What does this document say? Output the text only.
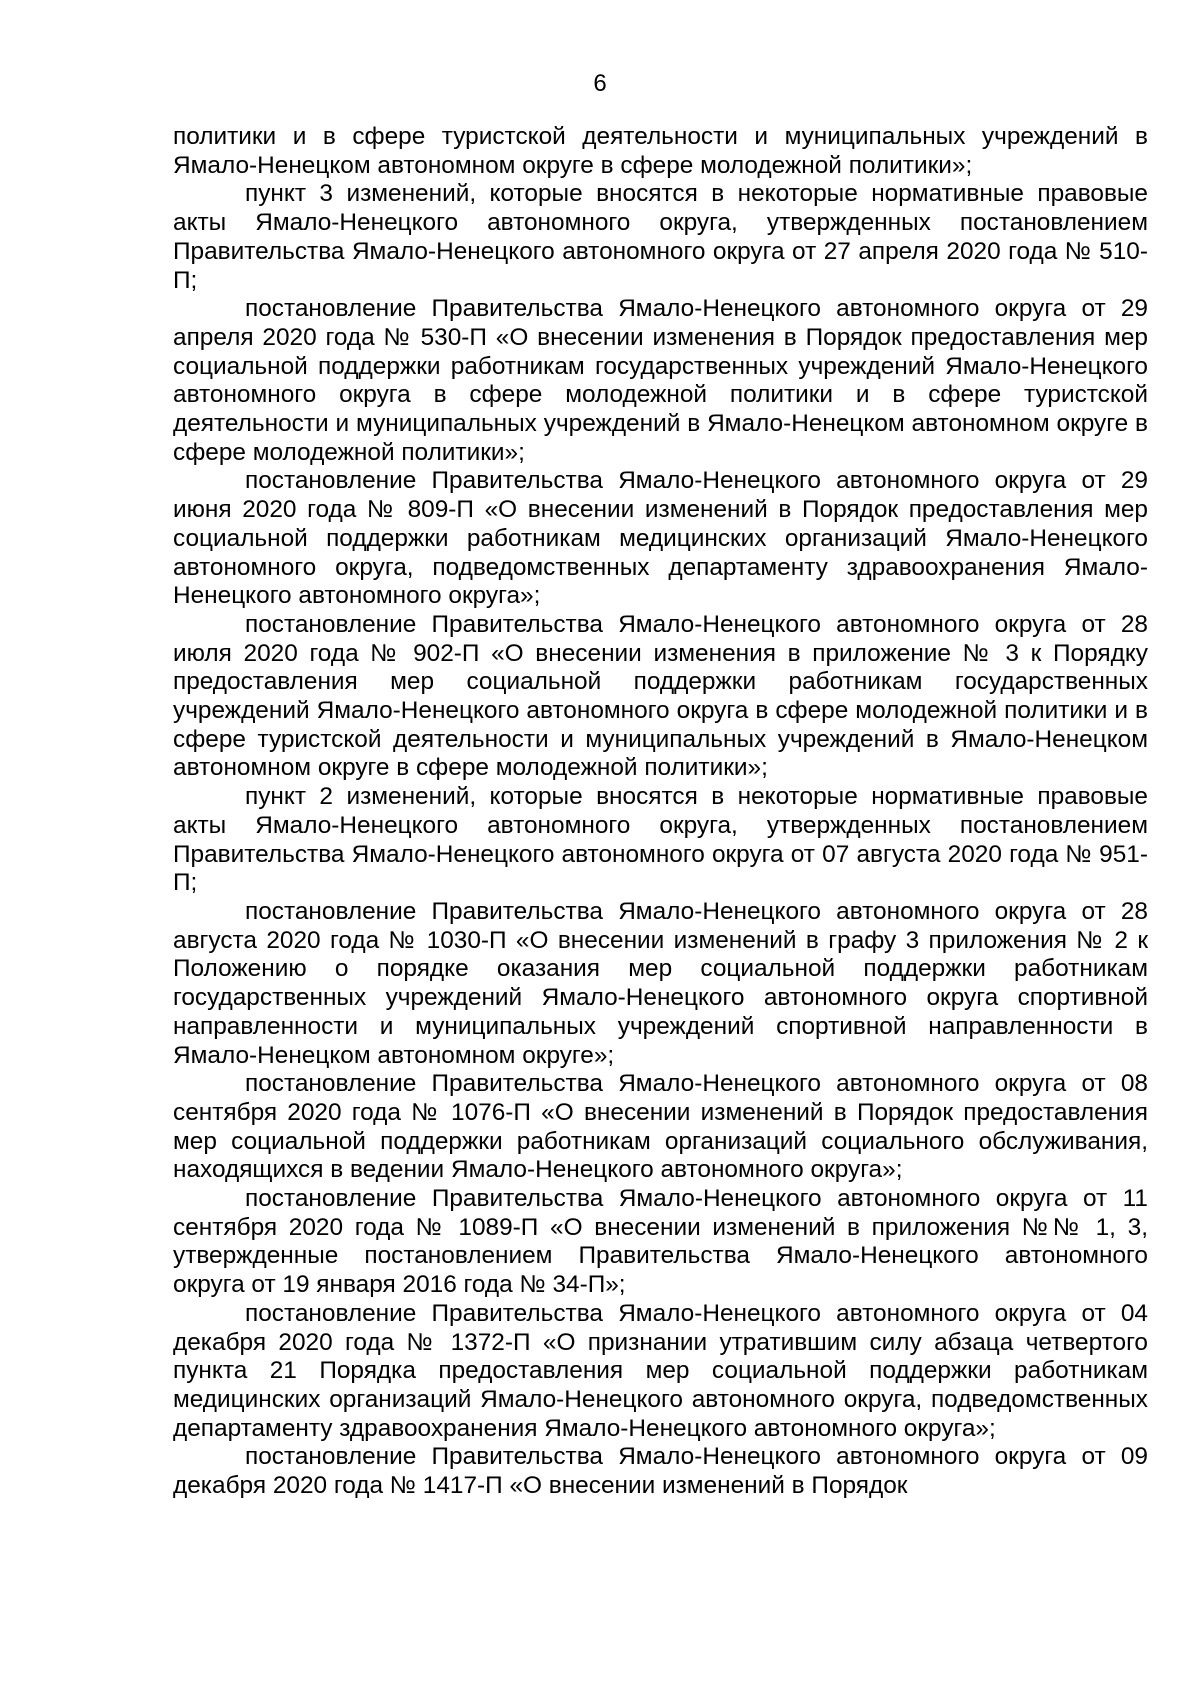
6

политики и в сфере туристской деятельности и муниципальных учреждений в Ямало-Ненецком автономном округе в сфере молодежной политики»;

пункт 3 изменений, которые вносятся в некоторые нормативные правовые акты Ямало-Ненецкого автономного округа, утвержденных постановлением Правительства Ямало-Ненецкого автономного округа от 27 апреля 2020 года № 510-П;

постановление Правительства Ямало-Ненецкого автономного округа от 29 апреля 2020 года № 530-П «О внесении изменения в Порядок предоставления мер социальной поддержки работникам государственных учреждений Ямало-Ненецкого автономного округа в сфере молодежной политики и в сфере туристской деятельности и муниципальных учреждений в Ямало-Ненецком автономном округе в сфере молодежной политики»;

постановление Правительства Ямало-Ненецкого автономного округа от 29 июня 2020 года № 809-П «О внесении изменений в Порядок предоставления мер социальной поддержки работникам медицинских организаций Ямало-Ненецкого автономного округа, подведомственных департаменту здравоохранения Ямало-Ненецкого автономного округа»;

постановление Правительства Ямало-Ненецкого автономного округа от 28 июля 2020 года № 902-П «О внесении изменения в приложение № 3 к Порядку предоставления мер социальной поддержки работникам государственных учреждений Ямало-Ненецкого автономного округа в сфере молодежной политики и в сфере туристской деятельности и муниципальных учреждений в Ямало-Ненецком автономном округе в сфере молодежной политики»;

пункт 2 изменений, которые вносятся в некоторые нормативные правовые акты Ямало-Ненецкого автономного округа, утвержденных постановлением Правительства Ямало-Ненецкого автономного округа от 07 августа 2020 года № 951-П;

постановление Правительства Ямало-Ненецкого автономного округа от 28 августа 2020 года № 1030-П «О внесении изменений в графу 3 приложения № 2 к Положению о порядке оказания мер социальной поддержки работникам государственных учреждений Ямало-Ненецкого автономного округа спортивной направленности и муниципальных учреждений спортивной направленности в Ямало-Ненецком автономном округе»;

постановление Правительства Ямало-Ненецкого автономного округа от 08 сентября 2020 года № 1076-П «О внесении изменений в Порядок предоставления мер социальной поддержки работникам организаций социального обслуживания, находящихся в ведении Ямало-Ненецкого автономного округа»;

постановление Правительства Ямало-Ненецкого автономного округа от 11 сентября 2020 года № 1089-П «О внесении изменений в приложения №№ 1, 3, утвержденные постановлением Правительства Ямало-Ненецкого автономного округа от 19 января 2016 года № 34-П»;

постановление Правительства Ямало-Ненецкого автономного округа от 04 декабря 2020 года № 1372-П «О признании утратившим силу абзаца четвертого пункта 21 Порядка предоставления мер социальной поддержки работникам медицинских организаций Ямало-Ненецкого автономного округа, подведомственных департаменту здравоохранения Ямало-Ненецкого автономного округа»;

постановление Правительства Ямало-Ненецкого автономного округа от 09 декабря 2020 года № 1417-П «О внесении изменений в Порядок
